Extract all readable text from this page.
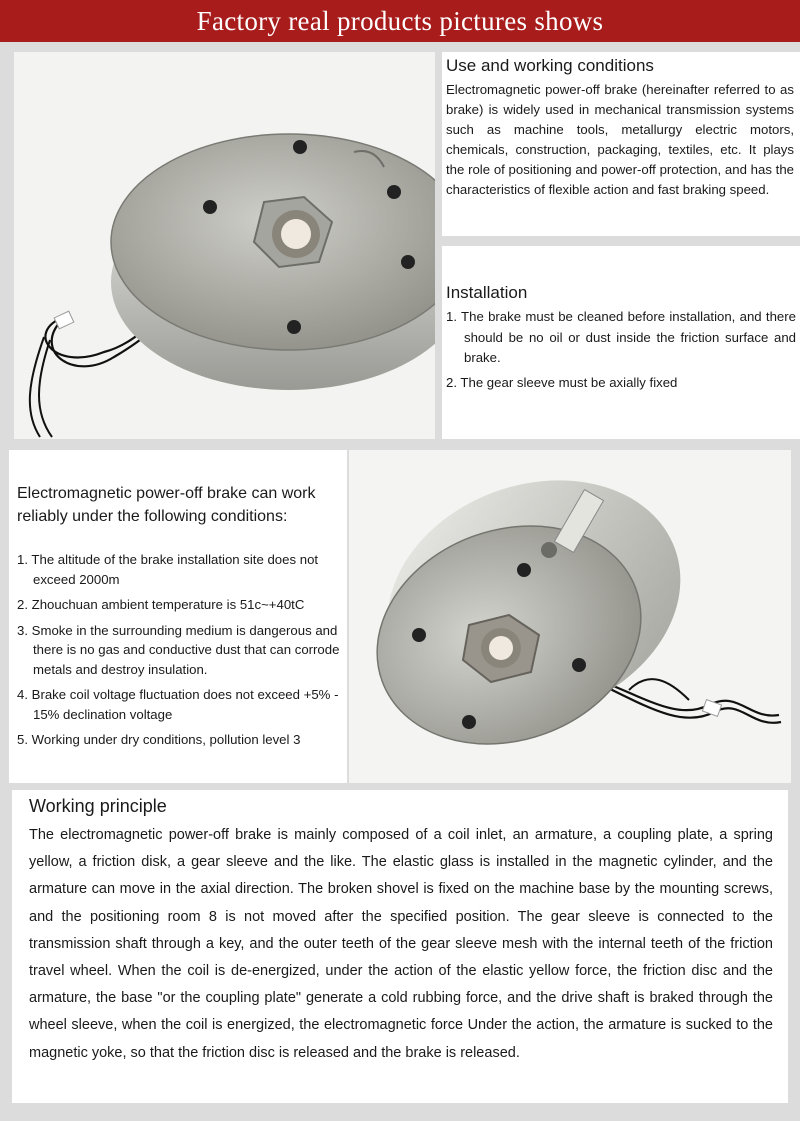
Factory real products pictures shows
Use and working conditions
Electromagnetic power-off brake (hereinafter referred to as brake) is widely used in mechanical transmission systems such as machine tools, metallurgy electric motors, chemicals, construction, packaging, textiles, etc. It plays the role of positioning and power-off protection, and has the characteristics of flexible action and fast braking speed.
Installation
1. The brake must be cleaned before installation, and there should be no oil or dust inside the friction surface and brake.
2. The gear sleeve must be axially fixed
Electromagnetic power-off brake can work reliably under the following conditions:
1. The altitude of the brake installation site does not exceed 2000m
2. Zhouchuan ambient temperature is 51c~+40tC
3. Smoke in the surrounding medium is dangerous and there is no gas and conductive dust that can corrode metals and destroy insulation.
4. Brake coil voltage fluctuation does not exceed +5% - 15% declination voltage
5. Working under dry conditions, pollution level 3
Working principle
The electromagnetic power-off brake is mainly composed of a coil inlet, an armature, a coupling plate, a spring yellow, a friction disk, a gear sleeve and the like. The elastic glass is installed in the magnetic cylinder, and the armature can move in the axial direction. The broken shovel is fixed on the machine base by the mounting screws, and the positioning room 8 is not moved after the specified position. The gear sleeve is connected to the transmission shaft through a key, and the outer teeth of the gear sleeve mesh with the internal teeth of the friction travel wheel. When the coil is de-energized, under the action of the elastic yellow force, the friction disc and the armature, the base "or the coupling plate" generate a cold rubbing force, and the drive shaft is braked through the wheel sleeve, when the coil is energized, the electromagnetic force Under the action, the armature is sucked to the magnetic yoke, so that the friction disc is released and the brake is released.
